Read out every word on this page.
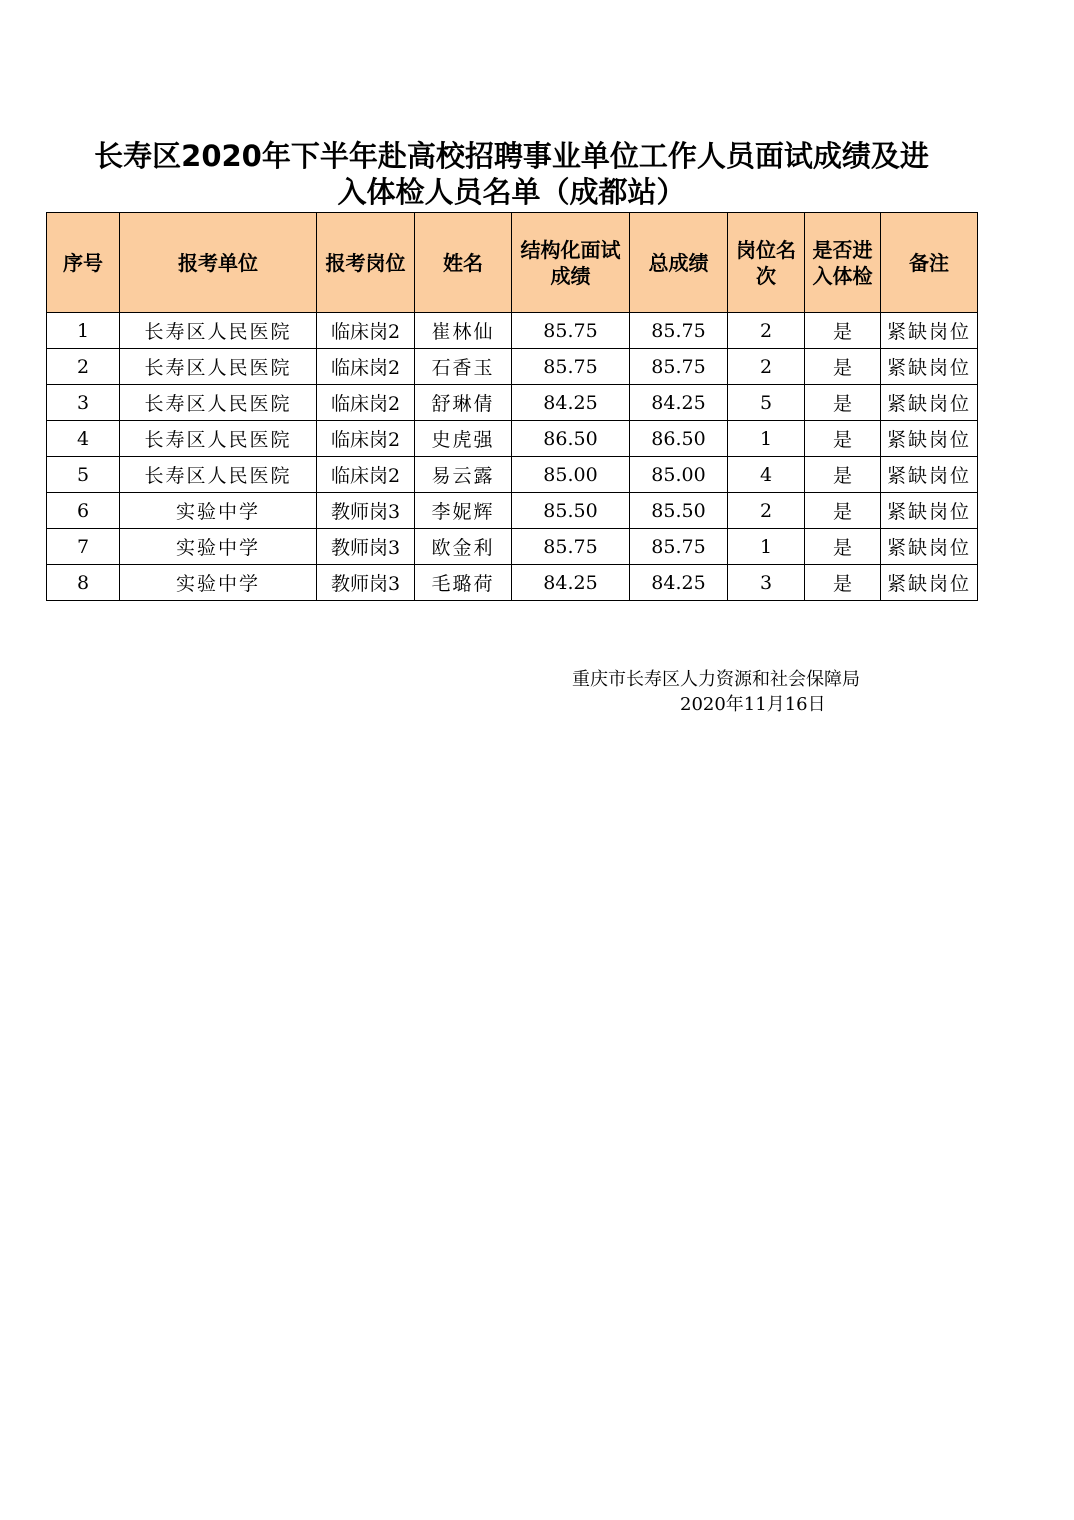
长寿区2020年下半年赴高校招聘事业单位工作人员面试成绩及进
入体检人员名单（成都站）
序号	报考单位	报考岗位	姓名	结构化面试成绩	总成绩	岗位名次	是否进入体检	备注
1	长寿区人民医院	临床岗2	崔林仙	85.75	85.75	2	是	紧缺岗位
2	长寿区人民医院	临床岗2	石香玉	85.75	85.75	2	是	紧缺岗位
3	长寿区人民医院	临床岗2	舒琳倩	84.25	84.25	5	是	紧缺岗位
4	长寿区人民医院	临床岗2	史虎强	86.50	86.50	1	是	紧缺岗位
5	长寿区人民医院	临床岗2	易云露	85.00	85.00	4	是	紧缺岗位
6	实验中学	教师岗3	李妮辉	85.50	85.50	2	是	紧缺岗位
7	实验中学	教师岗3	欧金利	85.75	85.75	1	是	紧缺岗位
8	实验中学	教师岗3	毛璐荷	84.25	84.25	3	是	紧缺岗位
重庆市长寿区人力资源和社会保障局
2020年11月16日
